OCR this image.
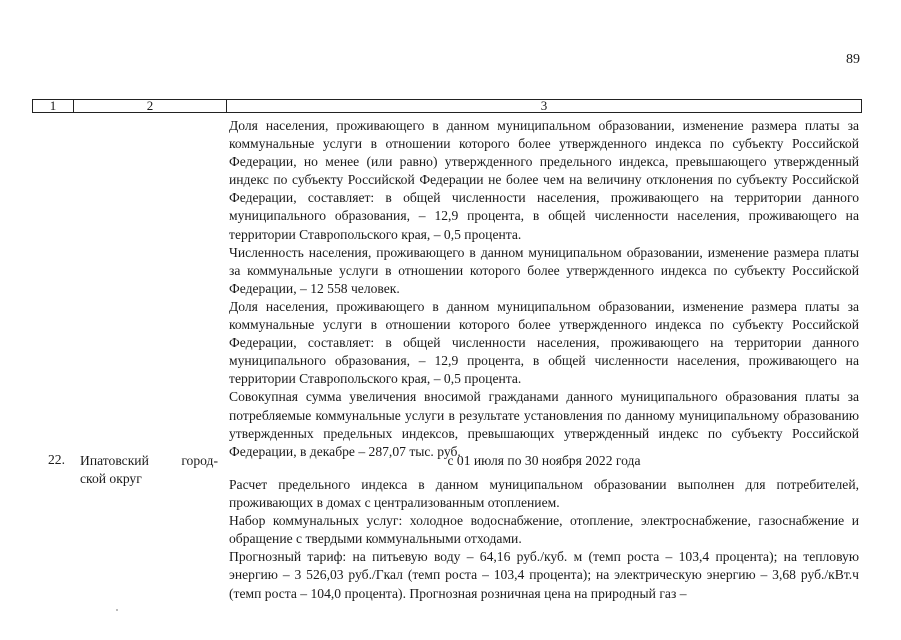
89
1	2	3

Доля населения, проживающего в данном муниципальном образовании, изменение размера платы за коммунальные услуги в отношении которого более утвержденного индекса по субъекту Российской Федерации, но менее (или равно) утвержденного предельного индекса, превышающего утвержденный индекс по субъекту Российской Федерации не более чем на величину отклонения по субъекту Российской Федерации, составляет: в общей численности населения, проживающего на территории данного муниципального образования, – 12,9 процента, в общей численности населения, проживающего на территории Ставропольского края, – 0,5 процента.

Численность населения, проживающего в данном муниципальном образовании, изменение размера платы за коммунальные услуги в отношении которого более утвержденного индекса по субъекту Российской Федерации, – 12 558 человек.

Доля населения, проживающего в данном муниципальном образовании, изменение размера платы за коммунальные услуги в отношении которого более утвержденного индекса по субъекту Российской Федерации, составляет: в общей численности населения, проживающего на территории данного муниципального образования, – 12,9 процента, в общей численности населения, проживающего на территории Ставропольского края, – 0,5 процента.

Совокупная сумма увеличения вносимой гражданами данного муниципального образования платы за потребляемые коммунальные услуги в результате установления по данному муниципальному образованию утвержденных предельных индексов, превышающих утвержденный индекс по субъекту Российской Федерации, в декабре – 287,07 тыс. руб.

22. Ипатовский город-
ской округ
с 01 июля по 30 ноября 2022 года

Расчет предельного индекса в данном муниципальном образовании выполнен для потребителей, проживающих в домах с централизованным отоплением.

Набор коммунальных услуг: холодное водоснабжение, отопление, электроснабжение, газоснабжение и обращение с твердыми коммунальными отходами.

Прогнозный тариф: на питьевую воду – 64,16 руб./куб. м (темп роста – 103,4 процента); на тепловую энергию – 3 526,03 руб./Гкал (темп роста – 103,4 процента); на электрическую энергию – 3,68 руб./кВт.ч (темп роста – 104,0 процента). Прогнозная розничная цена на природный газ –
